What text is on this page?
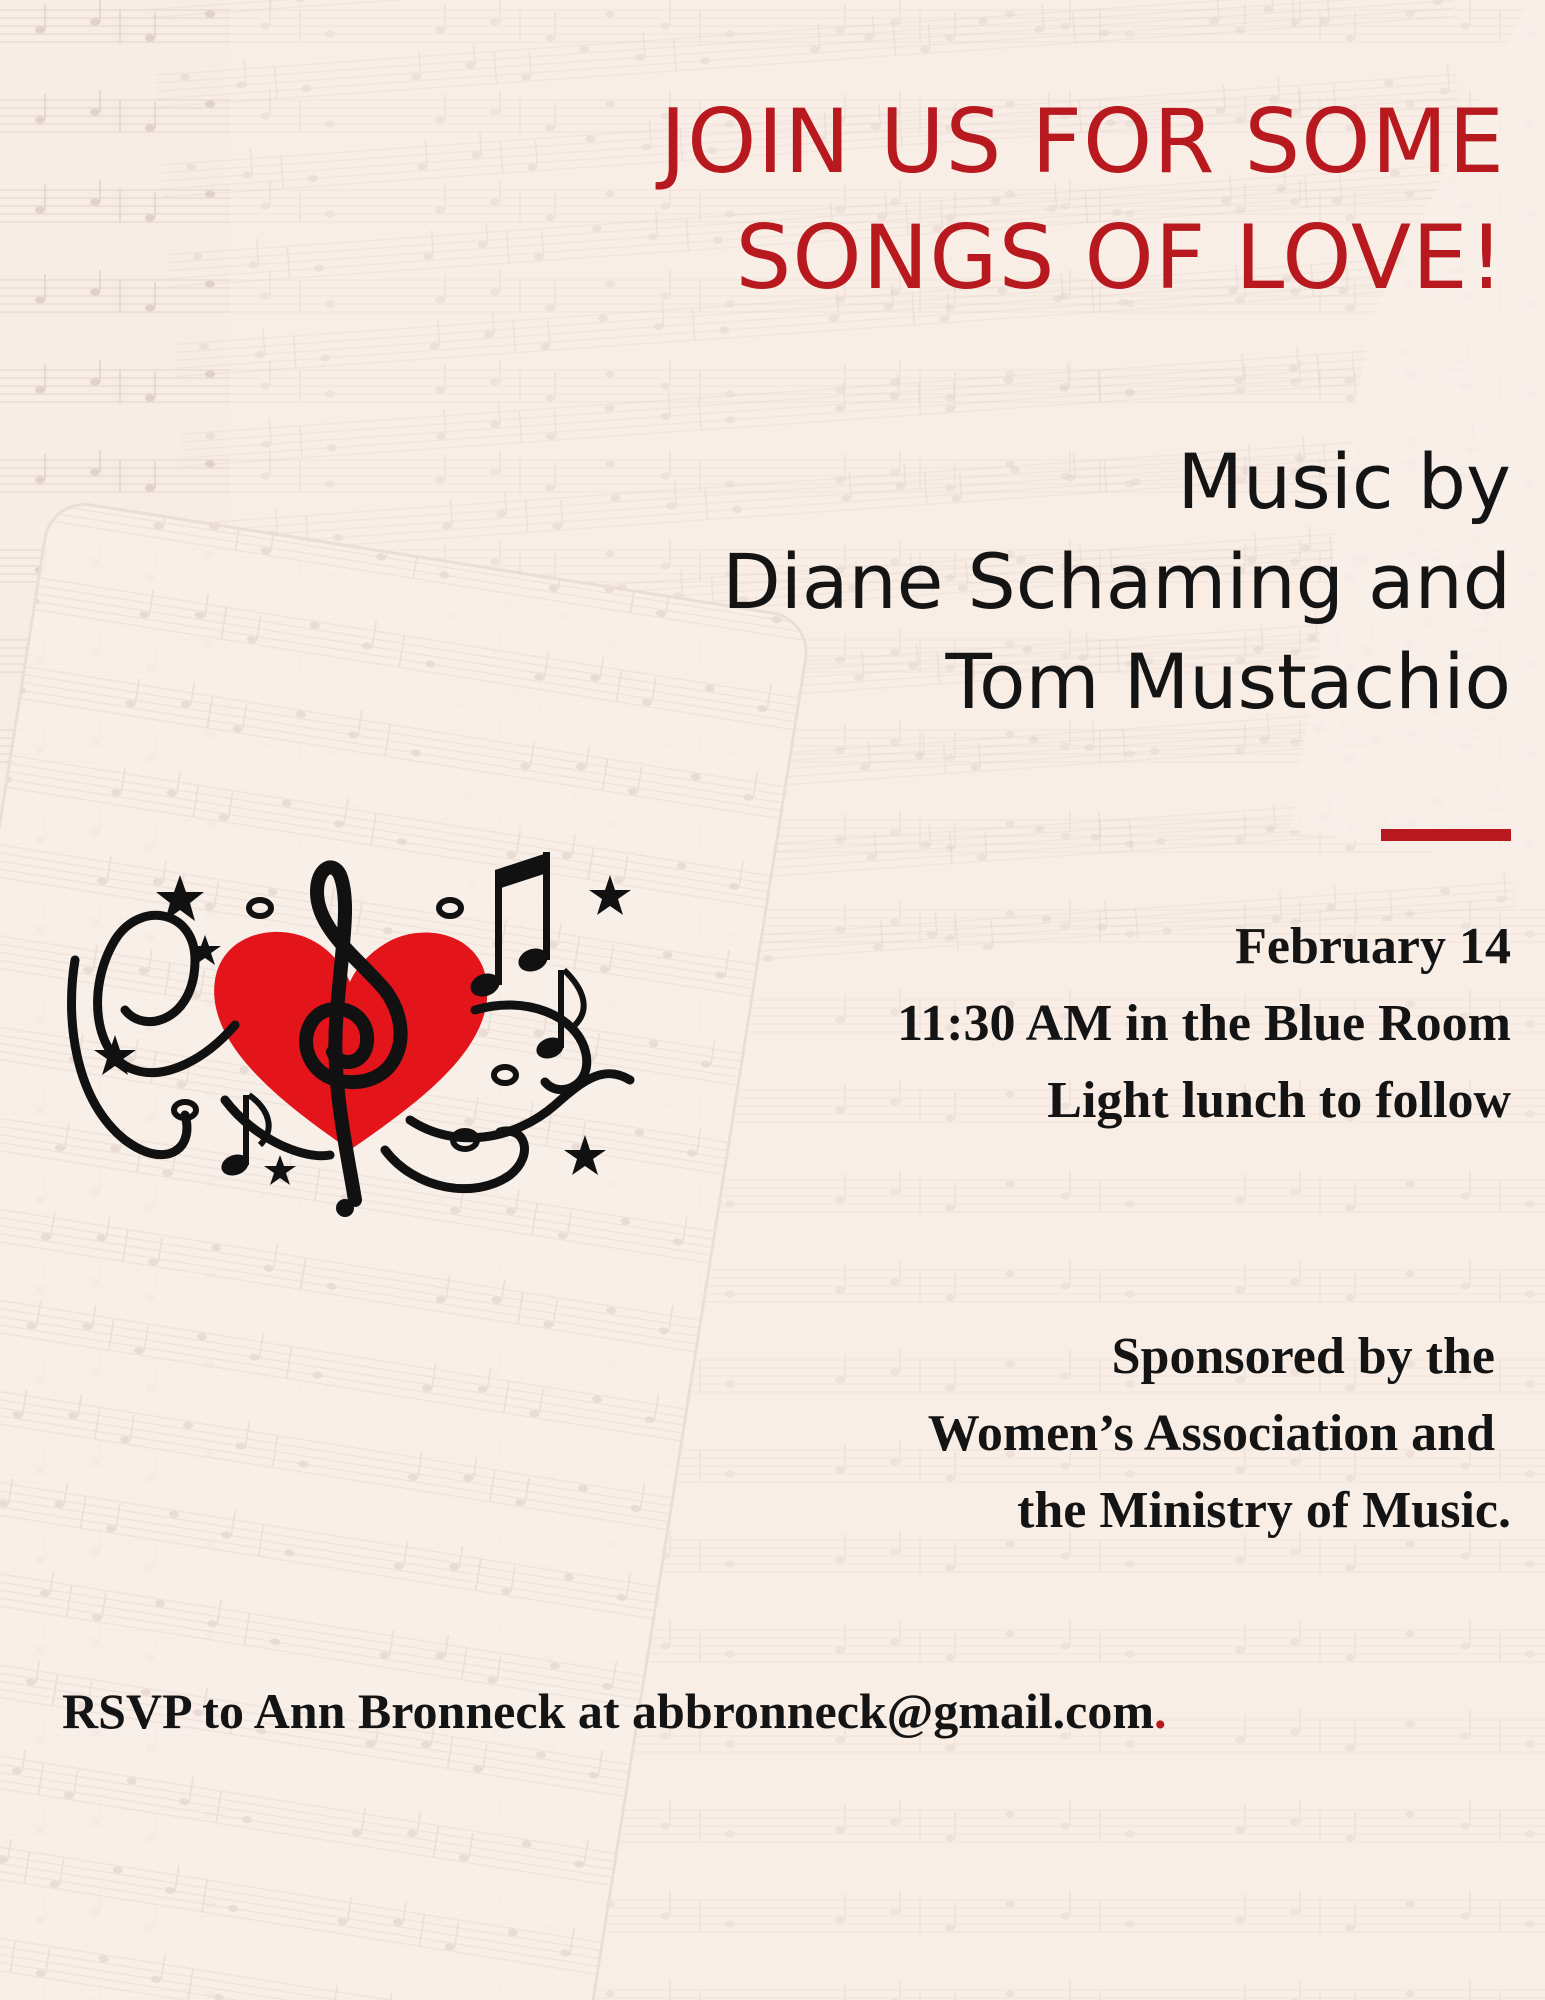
JOIN US FOR SOME
SONGS OF LOVE!
Music by
Diane Schaming and
Tom Mustachio
February 14
11:30 AM in the Blue Room
Light lunch to follow
Sponsored by the
Women’s Association and
the Ministry of Music.
RSVP to Ann Bronneck at abbronneck@gmail.com.
